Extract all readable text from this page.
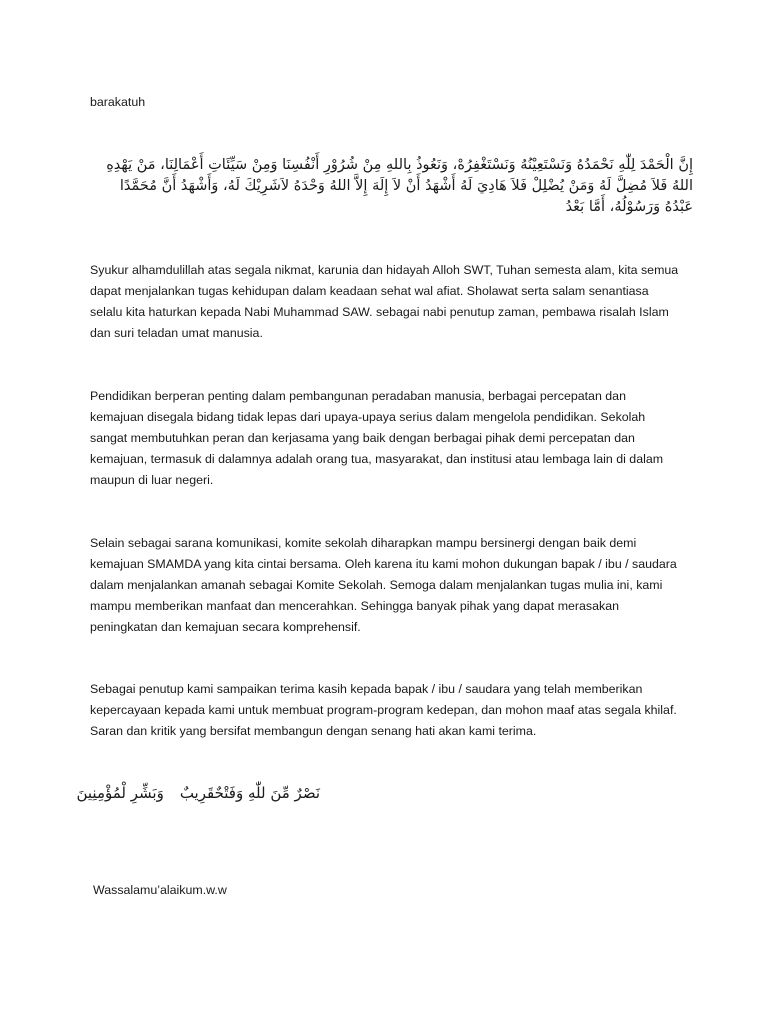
barakatuh
إِنَّ الْحَمْدَ لِلّٰهِ نَحْمَدُهُ وَنَسْتَعِيْنُهُ وَنَسْتَغْفِرُهْ، وَنَعُوذُ بِاللهِ مِنْ شُرُوْرِ أَنْفُسِنَا وَمِنْ سَيِّئَاتِ أَعْمَالِنَا، مَنْ يَهْدِهِ اللهُ فَلاَ مُضِلَّ لَهُ وَمَنْ يُضْلِلْ فَلاَ هَادِيَ لَهُ أَشْهَدُ أَنْ لاَ إِلَهَ إِلاَّ اللهُ وَحْدَهُ لاَشَرِيْكَ لَهُ، وَأَشْهَدُ أَنَّ مُحَمَّدًا عَبْدُهُ وَرَسُوْلُهُ، أَمَّا بَعْدُ
Syukur alhamdulillah atas segala nikmat, karunia dan hidayah Alloh SWT, Tuhan semesta alam, kita semua dapat menjalankan tugas kehidupan dalam keadaan sehat wal afiat. Sholawat serta salam senantiasa selalu kita haturkan kepada Nabi Muhammad SAW. sebagai nabi penutup zaman, pembawa risalah Islam dan suri teladan umat manusia.
Pendidikan berperan penting dalam pembangunan peradaban manusia, berbagai percepatan dan kemajuan disegala bidang tidak lepas dari upaya-upaya serius dalam mengelola pendidikan. Sekolah sangat membutuhkan peran dan kerjasama yang baik dengan berbagai pihak demi percepatan dan kemajuan, termasuk di dalamnya adalah orang tua, masyarakat, dan institusi atau lembaga lain di dalam maupun di luar negeri.
Selain sebagai sarana komunikasi, komite sekolah diharapkan mampu bersinergi dengan baik demi kemajuan SMAMDA yang kita cintai bersama. Oleh karena itu kami mohon dukungan bapak / ibu / saudara dalam menjalankan amanah sebagai Komite Sekolah. Semoga dalam menjalankan tugas mulia ini, kami mampu memberikan manfaat dan mencerahkan. Sehingga banyak pihak yang dapat merasakan peningkatan dan kemajuan secara komprehensif.
Sebagai penutup kami sampaikan terima kasih kepada bapak / ibu / saudara yang telah memberikan kepercayaan kepada kami untuk membuat program-program kedepan, dan mohon maaf atas segala khilaf. Saran dan kritik yang bersifat membangun dengan senang hati akan kami terima.
نَصْرٌ مِّنَ للّٰهِ وَفَتْحٌقَرِيبٌوَبَشِّرِ لْمُؤْمِنِينَ
Wassalamu’alaikum.w.w
